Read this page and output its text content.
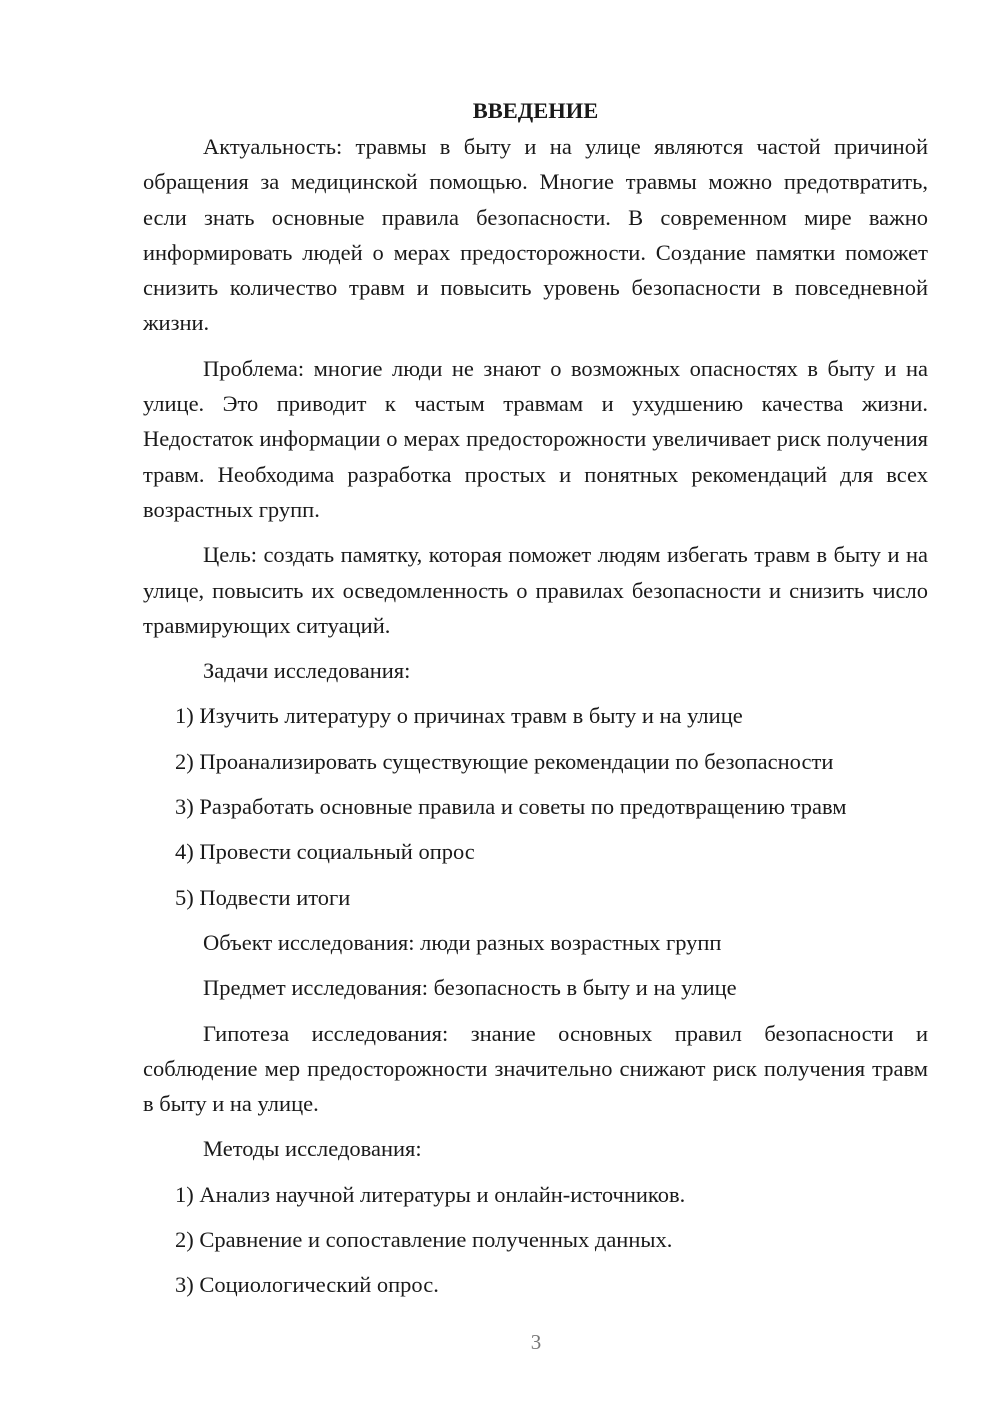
ВВЕДЕНИЕ

Актуальность: травмы в быту и на улице являются частой причиной обращения за медицинской помощью. Многие травмы можно предотвратить, если знать основные правила безопасности. В современном мире важно информировать людей о мерах предосторожности. Создание памятки поможет снизить количество травм и повысить уровень безопасности в повседневной жизни.

Проблема: многие люди не знают о возможных опасностях в быту и на улице. Это приводит к частым травмам и ухудшению качества жизни. Недостаток информации о мерах предосторожности увеличивает риск получения травм. Необходима разработка простых и понятных рекомендаций для всех возрастных групп.

Цель: создать памятку, которая поможет людям избегать травм в быту и на улице, повысить их осведомленность о правилах безопасности и снизить число травмирующих ситуаций.

Задачи исследования:
1) Изучить литературу о причинах травм в быту и на улице
2) Проанализировать существующие рекомендации по безопасности
3) Разработать основные правила и советы по предотвращению травм
4) Провести социальный опрос
5) Подвести итоги
Объект исследования: люди разных возрастных групп
Предмет исследования: безопасность в быту и на улице

Гипотеза исследования: знание основных правил безопасности и соблюдение мер предосторожности значительно снижают риск получения травм в быту и на улице.

Методы исследования:
1) Анализ научной литературы и онлайн-источников.
2) Сравнение и сопоставление полученных данных.
3) Социологический опрос.
3
